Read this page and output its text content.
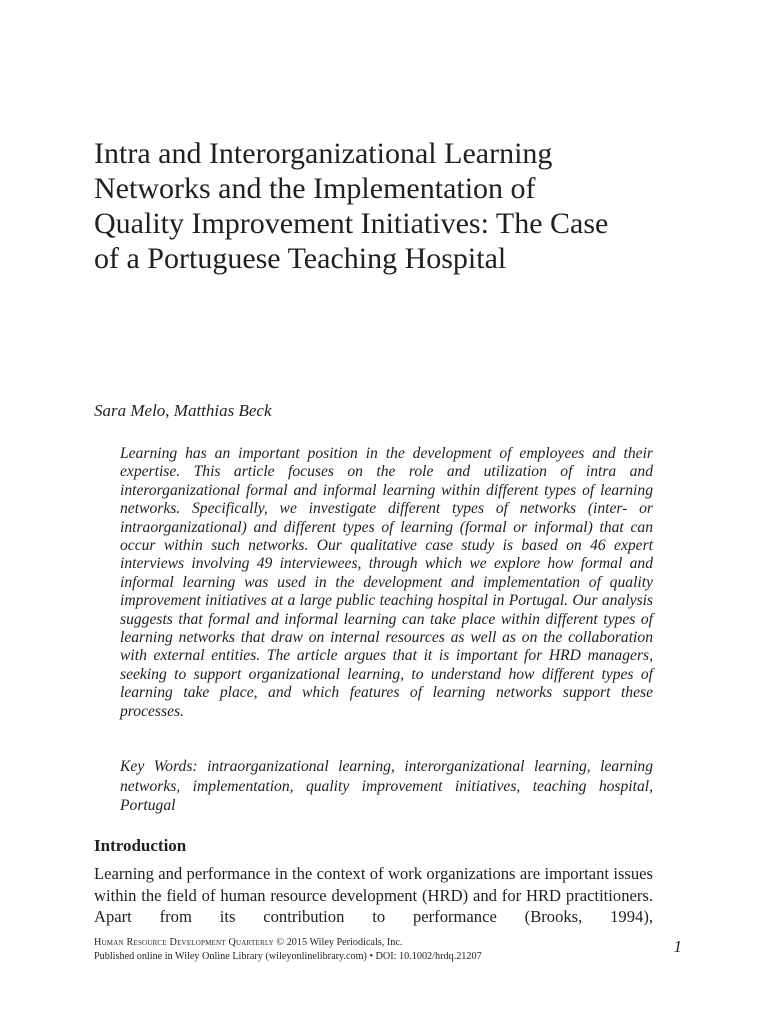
Intra and Interorganizational Learning Networks and the Implementation of Quality Improvement Initiatives: The Case of a Portuguese Teaching Hospital

Sara Melo, Matthias Beck

Learning has an important position in the development of employees and their expertise. This article focuses on the role and utilization of intra and interorganizational formal and informal learning within different types of learning networks. Specifically, we investigate different types of networks (inter- or intraorganizational) and different types of learning (formal or informal) that can occur within such networks. Our qualitative case study is based on 46 expert interviews involving 49 interviewees, through which we explore how formal and informal learning was used in the development and implementation of quality improvement initiatives at a large public teaching hospital in Portugal. Our analysis suggests that formal and informal learning can take place within different types of learning networks that draw on internal resources as well as on the collaboration with external entities. The article argues that it is important for HRD managers, seeking to support organizational learning, to understand how different types of learning take place, and which features of learning networks support these processes.

Key Words: intraorganizational learning, interorganizational learning, learning networks, implementation, quality improvement initiatives, teaching hospital, Portugal

Introduction

Learning and performance in the context of work organizations are important issues within the field of human resource development (HRD) and for HRD practitioners. Apart from its contribution to performance (Brooks, 1994),

Human Resource Development Quarterly © 2015 Wiley Periodicals, Inc.
Published online in Wiley Online Library (wileyonlinelibrary.com) • DOI: 10.1002/hrdq.21207	1
